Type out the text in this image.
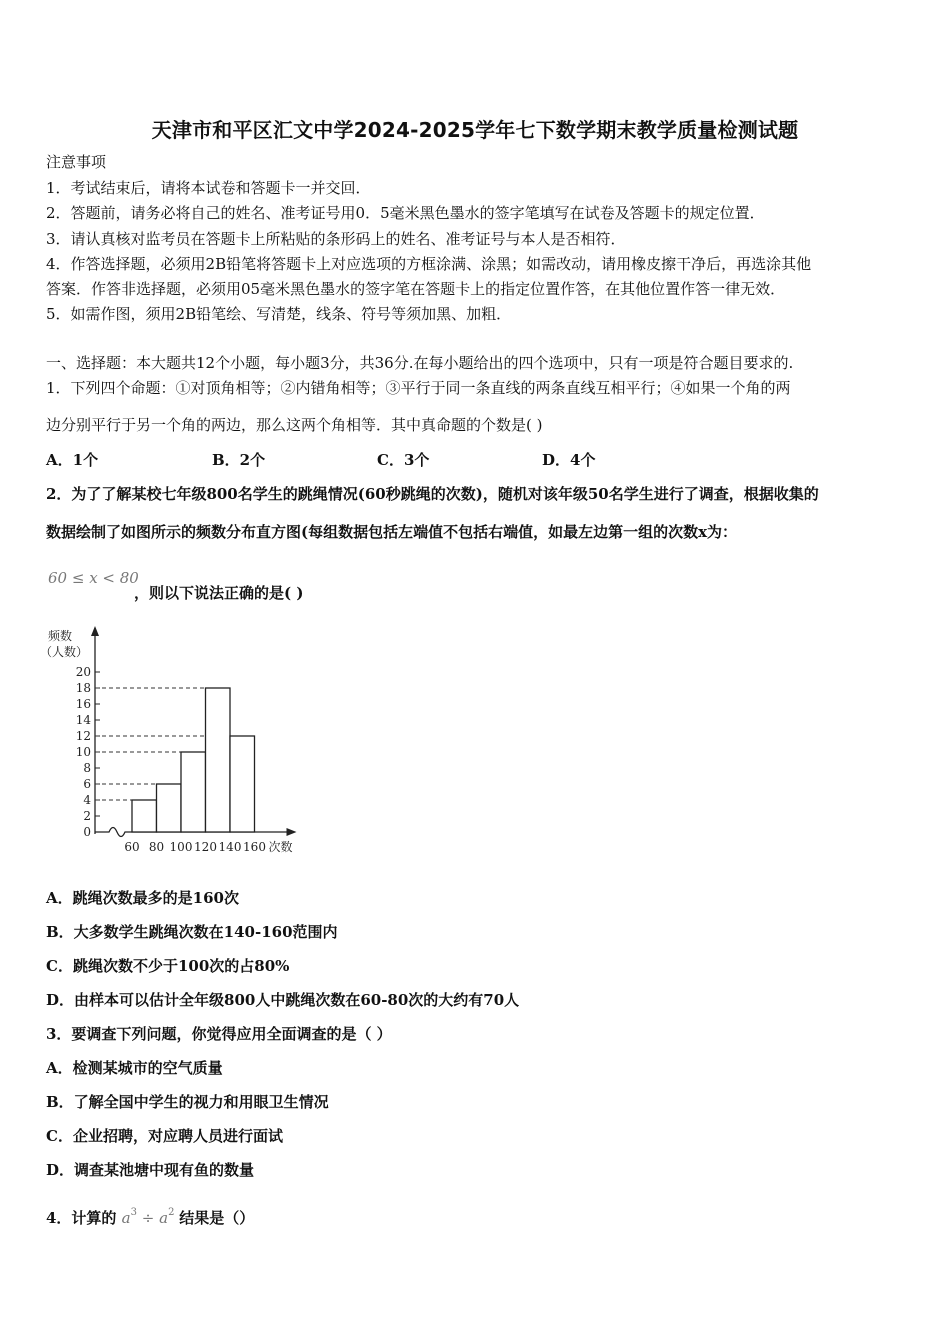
天津市和平区汇文中学2024-2025学年七下数学期末教学质量检测试题
注意事项
1．考试结束后，请将本试卷和答题卡一并交回．
2．答题前，请务必将自己的姓名、准考证号用0．5毫米黑色墨水的签字笔填写在试卷及答题卡的规定位置．
3．请认真核对监考员在答题卡上所粘贴的条形码上的姓名、准考证号与本人是否相符．
4．作答选择题，必须用2B铅笔将答题卡上对应选项的方框涂满、涂黑；如需改动，请用橡皮擦干净后，再选涂其他
答案．作答非选择题，必须用05毫米黑色墨水的签字笔在答题卡上的指定位置作答，在其他位置作答一律无效．
5．如需作图，须用2B铅笔绘、写清楚，线条、符号等须加黑、加粗．
一、选择题：本大题共12个小题，每小题3分，共36分.在每小题给出的四个选项中，只有一项是符合题目要求的.
1．下列四个命题：①对顶角相等；②内错角相等；③平行于同一条直线的两条直线互相平行；④如果一个角的两
边分别平行于另一个角的两边，那么这两个角相等．其中真命题的个数是( )
A．1个	B．2个	C．3个	D．4个
2．为了了解某校七年级800名学生的跳绳情况(60秒跳绳的次数)，随机对该年级50名学生进行了调查，根据收集的
数据绘制了如图所示的频数分布直方图(每组数据包括左端值不包括右端值，如最左边第一组的次数x为：
60 ≤ x < 80
，则以下说法正确的是( )
0
2
4
6
8
10
12
14
16
18
20
频数
（人数）
60 80 100 120 140 160 次数
A．跳绳次数最多的是160次
B．大多数学生跳绳次数在140-160范围内
C．跳绳次数不少于100次的占80%
D．由样本可以估计全年级800人中跳绳次数在60-80次的大约有70人
3．要调查下列问题，你觉得应用全面调查的是（ ）
A．检测某城市的空气质量
B．了解全国中学生的视力和用眼卫生情况
C．企业招聘，对应聘人员进行面试
D．调查某池塘中现有鱼的数量
4．计算的 $a^3 \div a^2$ 结果是（）
